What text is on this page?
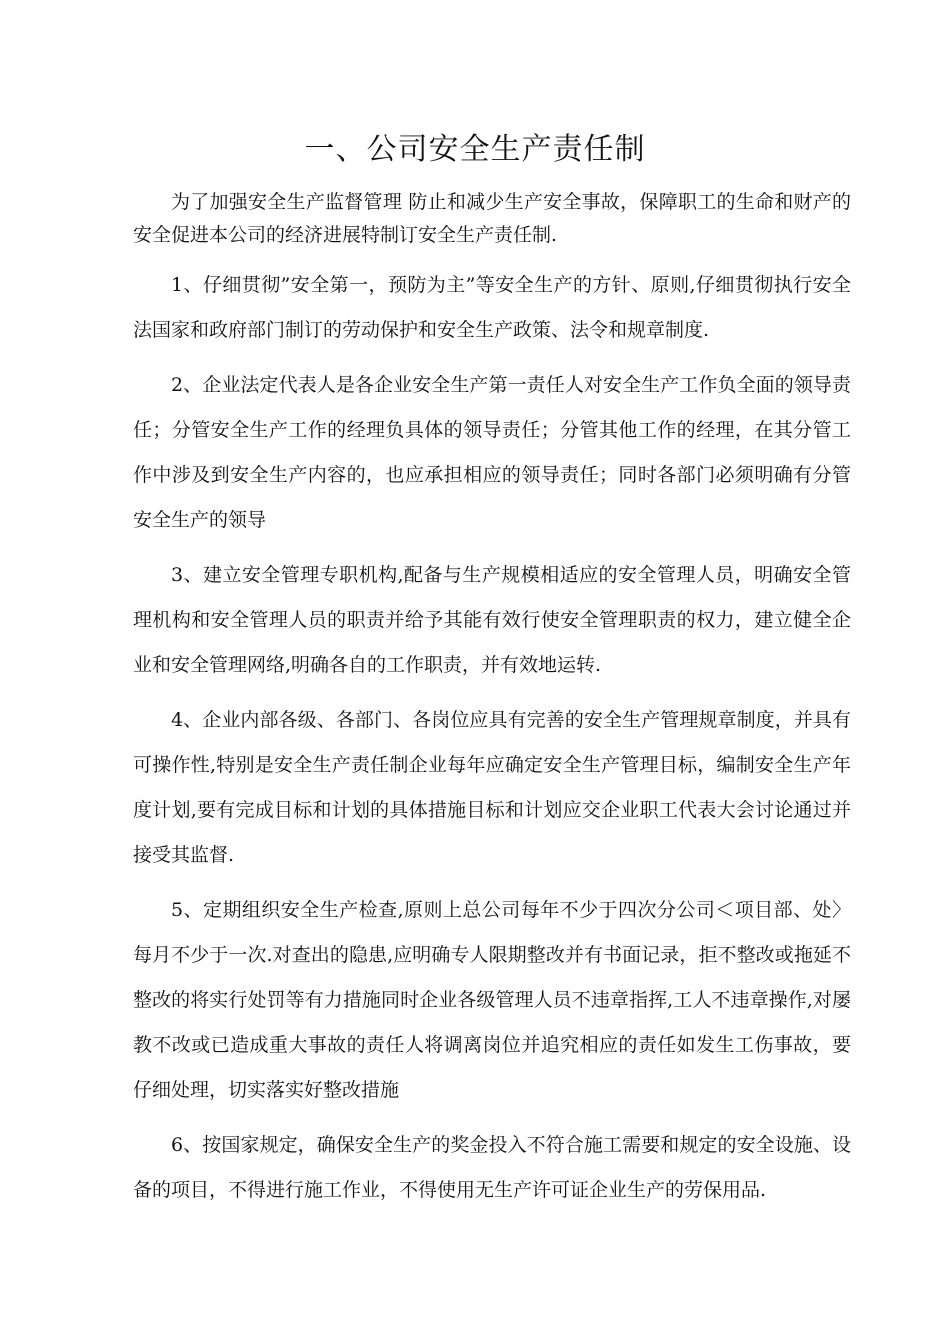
一、公司安全生产责任制

为了加强安全生产监督管理 防止和减少生产安全事故，保障职工的生命和财产的安全促进本公司的经济进展特制订安全生产责任制.

1、仔细贯彻”安全第一，预防为主”等安全生产的方针、原则,仔细贯彻执行安全法国家和政府部门制订的劳动保护和安全生产政策、法令和规章制度.

2、企业法定代表人是各企业安全生产第一责任人对安全生产工作负全面的领导责任；分管安全生产工作的经理负具体的领导责任；分管其他工作的经理，在其分管工作中涉及到安全生产内容的，也应承担相应的领导责任；同时各部门必须明确有分管安全生产的领导

3、建立安全管理专职机构,配备与生产规模相适应的安全管理人员，明确安全管理机构和安全管理人员的职责并给予其能有效行使安全管理职责的权力，建立健全企业和安全管理网络,明确各自的工作职责，并有效地运转.

4、企业内部各级、各部门、各岗位应具有完善的安全生产管理规章制度，并具有可操作性,特别是安全生产责任制企业每年应确定安全生产管理目标，编制安全生产年度计划,要有完成目标和计划的具体措施目标和计划应交企业职工代表大会讨论通过并接受其监督.

5、定期组织安全生产检查,原则上总公司每年不少于四次分公司＜项目部、处〉每月不少于一次.对查出的隐患,应明确专人限期整改并有书面记录，拒不整改或拖延不整改的将实行处罚等有力措施同时企业各级管理人员不违章指挥,工人不违章操作,对屡教不改或已造成重大事故的责任人将调离岗位并追究相应的责任如发生工伤事故，要仔细处理，切实落实好整改措施

6、按国家规定，确保安全生产的奖金投入不符合施工需要和规定的安全设施、设备的项目，不得进行施工作业，不得使用无生产许可证企业生产的劳保用品.
